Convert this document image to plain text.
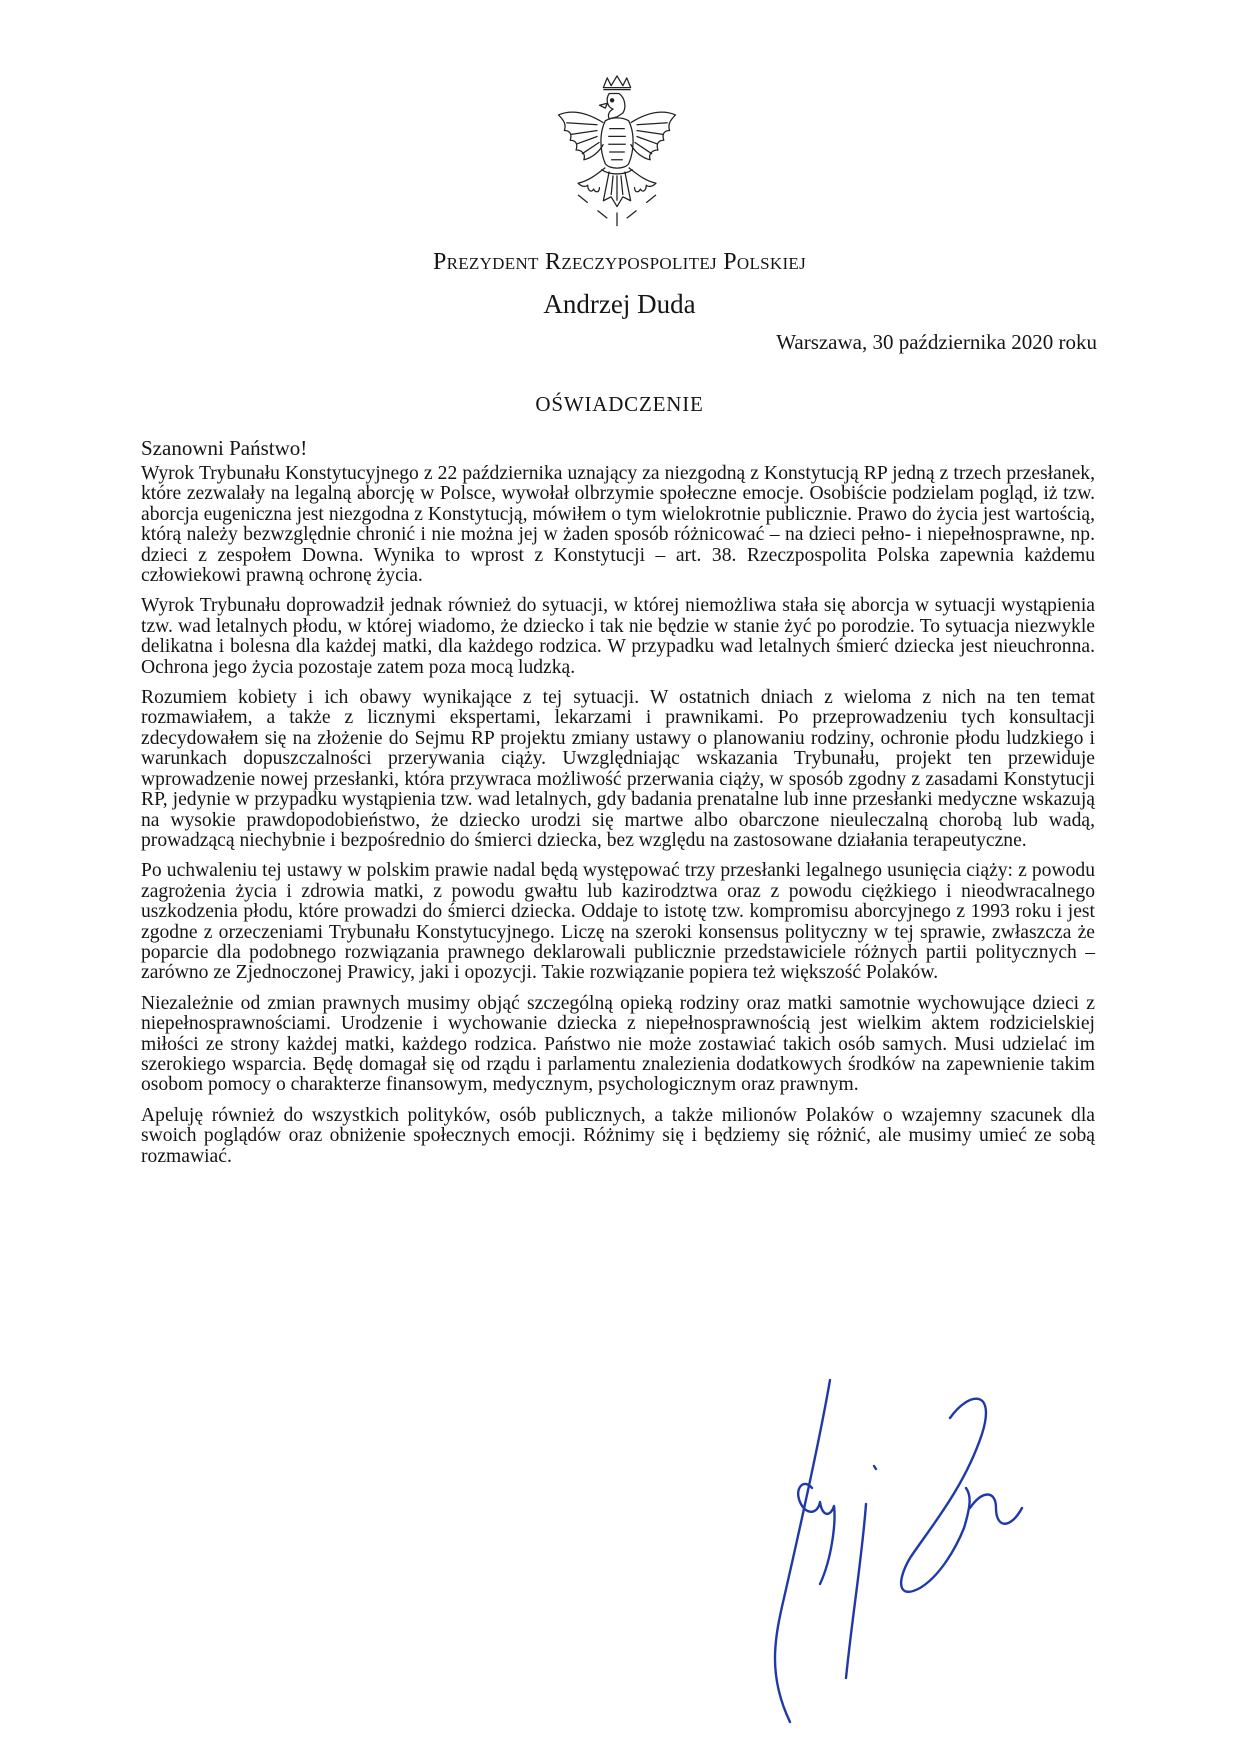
Prezydent Rzeczypospolitej Polskiej
Andrzej Duda
Warszawa, 30 października 2020 roku
OŚWIADCZENIE
Szanowni Państwo!

Wyrok Trybunału Konstytucyjnego z 22 października uznający za niezgodną z Konstytucją RP jedną z trzech przesłanek, które zezwalały na legalną aborcję w Polsce, wywołał olbrzymie społeczne emocje. Osobiście podzielam pogląd, iż tzw. aborcja eugeniczna jest niezgodna z Konstytucją, mówiłem o tym wielokrotnie publicznie. Prawo do życia jest wartością, którą należy bezwzględnie chronić i nie można jej w żaden sposób różnicować – na dzieci pełno- i niepełnosprawne, np. dzieci z zespołem Downa. Wynika to wprost z Konstytucji – art. 38. Rzeczpospolita Polska zapewnia każdemu człowiekowi prawną ochronę życia.

Wyrok Trybunału doprowadził jednak również do sytuacji, w której niemożliwa stała się aborcja w sytuacji wystąpienia tzw. wad letalnych płodu, w której wiadomo, że dziecko i tak nie będzie w stanie żyć po porodzie. To sytuacja niezwykle delikatna i bolesna dla każdej matki, dla każdego rodzica. W przypadku wad letalnych śmierć dziecka jest nieuchronna. Ochrona jego życia pozostaje zatem poza mocą ludzką.

Rozumiem kobiety i ich obawy wynikające z tej sytuacji. W ostatnich dniach z wieloma z nich na ten temat rozmawiałem, a także z licznymi ekspertami, lekarzami i prawnikami. Po przeprowadzeniu tych konsultacji zdecydowałem się na złożenie do Sejmu RP projektu zmiany ustawy o planowaniu rodziny, ochronie płodu ludzkiego i warunkach dopuszczalności przerywania ciąży. Uwzględniając wskazania Trybunału, projekt ten przewiduje wprowadzenie nowej przesłanki, która przywraca możliwość przerwania ciąży, w sposób zgodny z zasadami Konstytucji RP, jedynie w przypadku wystąpienia tzw. wad letalnych, gdy badania prenatalne lub inne przesłanki medyczne wskazują na wysokie prawdopodobieństwo, że dziecko urodzi się martwe albo obarczone nieuleczalną chorobą lub wadą, prowadzącą niechybnie i bezpośrednio do śmierci dziecka, bez względu na zastosowane działania terapeutyczne.

Po uchwaleniu tej ustawy w polskim prawie nadal będą występować trzy przesłanki legalnego usunięcia ciąży: z powodu zagrożenia życia i zdrowia matki, z powodu gwałtu lub kazirodztwa oraz z powodu ciężkiego i nieodwracalnego uszkodzenia płodu, które prowadzi do śmierci dziecka. Oddaje to istotę tzw. kompromisu aborcyjnego z 1993 roku i jest zgodne z orzeczeniami Trybunału Konstytucyjnego. Liczę na szeroki konsensus polityczny w tej sprawie, zwłaszcza że poparcie dla podobnego rozwiązania prawnego deklarowali publicznie przedstawiciele różnych partii politycznych – zarówno ze Zjednoczonej Prawicy, jaki i opozycji. Takie rozwiązanie popiera też większość Polaków.

Niezależnie od zmian prawnych musimy objąć szczególną opieką rodziny oraz matki samotnie wychowujące dzieci z niepełnosprawnościami. Urodzenie i wychowanie dziecka z niepełnosprawnością jest wielkim aktem rodzicielskiej miłości ze strony każdej matki, każdego rodzica. Państwo nie może zostawiać takich osób samych. Musi udzielać im szerokiego wsparcia. Będę domagał się od rządu i parlamentu znalezienia dodatkowych środków na zapewnienie takim osobom pomocy o charakterze finansowym, medycznym, psychologicznym oraz prawnym.

Apeluję również do wszystkich polityków, osób publicznych, a także milionów Polaków o wzajemny szacunek dla swoich poglądów oraz obniżenie społecznych emocji. Różnimy się i będziemy się różnić, ale musimy umieć ze sobą rozmawiać.
